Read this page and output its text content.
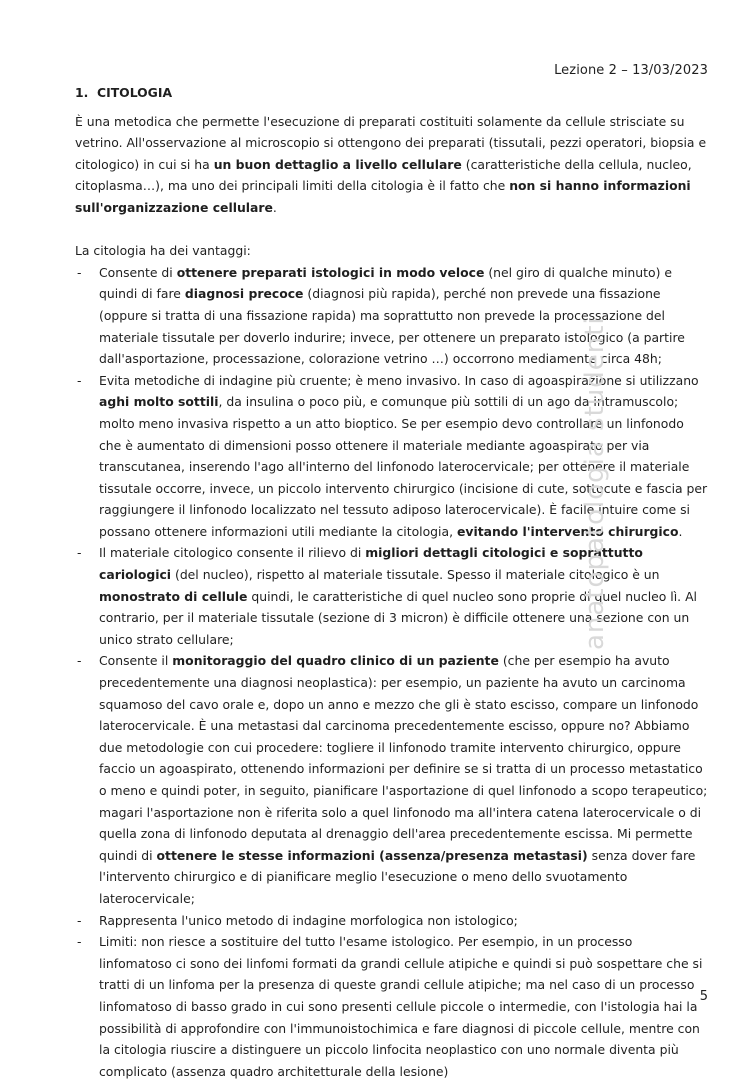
Lezione 2 – 13/03/2023
1. CITOLOGIA

È una metodica che permette l'esecuzione di preparati costituiti solamente da cellule strisciate su vetrino. All'osservazione al microscopio si ottengono dei preparati (tissutali, pezzi operatori, biopsia e citologico) in cui si ha un buon dettaglio a livello cellulare (caratteristiche della cellula, nucleo, citoplasma…), ma uno dei principali limiti della citologia è il fatto che non si hanno informazioni sull'organizzazione cellulare.

La citologia ha dei vantaggi:

- Consente di ottenere preparati istologici in modo veloce (nel giro di qualche minuto) e quindi di fare diagnosi precoce (diagnosi più rapida), perché non prevede una fissazione (oppure si tratta di una fissazione rapida) ma soprattutto non prevede la processazione del materiale tissutale per doverlo indurire; invece, per ottenere un preparato istologico (a partire dall'asportazione, processazione, colorazione vetrino …) occorrono mediamente circa 48h;
- Evita metodiche di indagine più cruente; è meno invasivo. In caso di agoaspirazione si utilizzano aghi molto sottili, da insulina o poco più, e comunque più sottili di un ago da intramuscolo; molto meno invasiva rispetto a un atto bioptico. Se per esempio devo controllare un linfonodo che è aumentato di dimensioni posso ottenere il materiale mediante agoaspirato per via transcutanea, inserendo l'ago all'interno del linfonodo laterocervicale; per ottenere il materiale tissutale occorre, invece, un piccolo intervento chirurgico (incisione di cute, sottocute e fascia per raggiungere il linfonodo localizzato nel tessuto adiposo laterocervicale). È facile intuire come si possano ottenere informazioni utili mediante la citologia, evitando l'intervento chirurgico.
- Il materiale citologico consente il rilievo di migliori dettagli citologici e soprattutto cariologici (del nucleo), rispetto al materiale tissutale. Spesso il materiale citologico è un monostrato di cellule quindi, le caratteristiche di quel nucleo sono proprie di quel nucleo lì. Al contrario, per il materiale tissutale (sezione di 3 micron) è difficile ottenere una sezione con un unico strato cellulare;
- Consente il monitoraggio del quadro clinico di un paziente (che per esempio ha avuto precedentemente una diagnosi neoplastica): per esempio, un paziente ha avuto un carcinoma squamoso del cavo orale e, dopo un anno e mezzo che gli è stato escisso, compare un linfonodo laterocervicale. È una metastasi dal carcinoma precedentemente escisso, oppure no? Abbiamo due metodologie con cui procedere: togliere il linfonodo tramite intervento chirurgico, oppure faccio un agoaspirato, ottenendo informazioni per definire se si tratta di un processo metastatico o meno e quindi poter, in seguito, pianificare l'asportazione di quel linfonodo a scopo terapeutico; magari l'asportazione non è riferita solo a quel linfonodo ma all'intera catena laterocervicale o di quella zona di linfonodo deputata al drenaggio dell'area precedentemente escissa. Mi permette quindi di ottenere le stesse informazioni (assenza/presenza metastasi) senza dover fare l'intervento chirurgico e di pianificare meglio l'esecuzione o meno dello svuotamento laterocervicale;
- Rappresenta l'unico metodo di indagine morfologica non istologico;
- Limiti: non riesce a sostituire del tutto l'esame istologico. Per esempio, in un processo linfomatoso ci sono dei linfomi formati da grandi cellule atipiche e quindi si può sospettare che si tratti di un linfoma per la presenza di queste grandi cellule atipiche; ma nel caso di un processo linfomatoso di basso grado in cui sono presenti cellule piccole o intermedie, con l'istologia hai la possibilità di approfondire con l'immunoistochimica e fare diagnosi di piccole cellule, mentre con la citologia riuscire a distinguere un piccolo linfocita neoplastico con uno normale diventa più complicato (assenza quadro architetturale della lesione)
anatopatologia studenti
5
